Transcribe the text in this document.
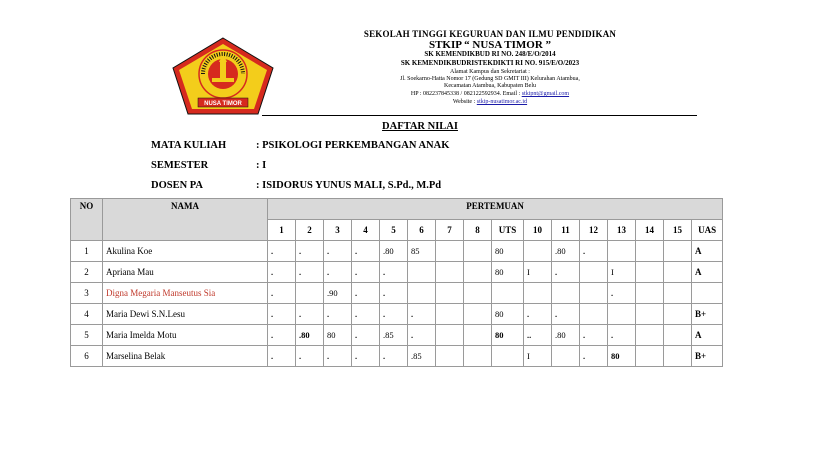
NUSA TIMOR
SEKOLAH TINGGI KEGURUAN DAN ILMU PENDIDIKAN
STKIP “ NUSA TIMOR ”
SK KEMENDIKBUD RI NO. 248/E/O/2014
SK KEMENDIKBUDRISTEKDIKTI RI NO. 915/E/O/2023
Alamat Kampus dan Sekretariat :
Jl. Soekarno-Hatta Nomor 17 (Gedung SD GMIT III) Kelurahan Atambua,
Kecamatan Atambua, Kabupaten Belu
HP : 082237845338 / 082122592934. Email : stkipnt@gmail.com
Website : stkip-nusatimor.ac.id
DAFTAR NILAI
MATA KULIAH	: PSIKOLOGI PERKEMBANGAN ANAK
SEMESTER	: I
DOSEN PA	: ISIDORUS YUNUS MALI, S.Pd., M.Pd
NO	NAMA	PERTEMUAN															
		1	2	3	4	5	6	7	8	UTS	10	11	12	13	14	15	UAS
1	Akulina Koe	.	.	.	.	.80	85			80		.80	.				A
2	Apriana Mau	.	.	.	.	.				80	I	.		I			A
3	Digna Megaria Manseutus Sia	.		.90	.	.								.			
4	Maria Dewi S.N.Lesu	.	.	.	.	.	.			80	.	.					B+
5	Maria Imelda Motu	.	.80	80	.	.85	.			80	..	.80	.	.			A
6	Marselina Belak	.	.	.	.	.	.85				I		.	80			B+
